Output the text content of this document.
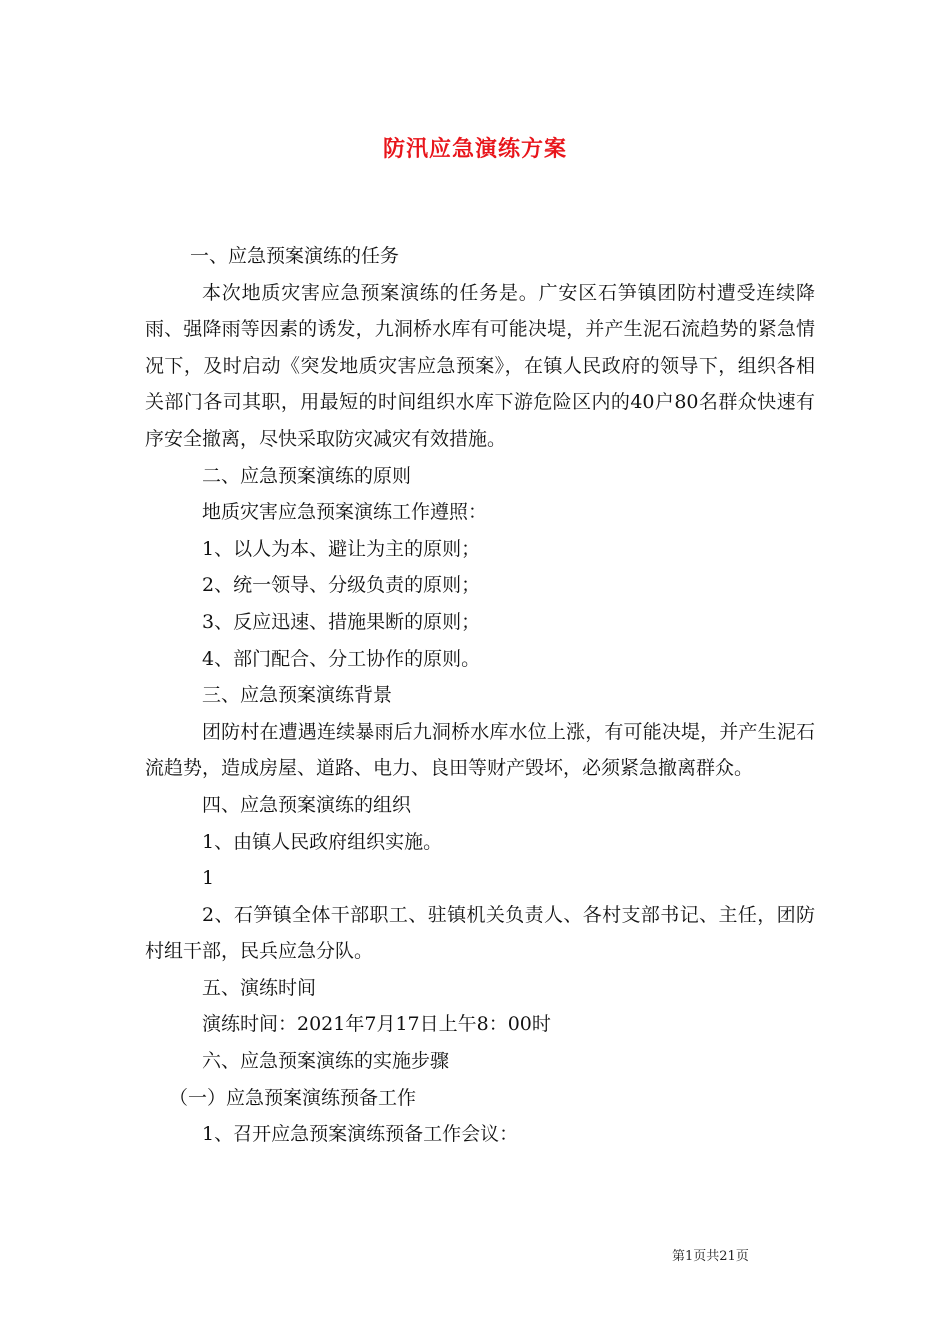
防汛应急演练方案

一、应急预案演练的任务

本次地质灾害应急预案演练的任务是。广安区石笋镇团防村遭受连续降雨、强降雨等因素的诱发，九洞桥水库有可能决堤，并产生泥石流趋势的紧急情况下，及时启动《突发地质灾害应急预案》，在镇人民政府的领导下，组织各相关部门各司其职，用最短的时间组织水库下游危险区内的40户80名群众快速有序安全撤离，尽快采取防灾减灾有效措施。

二、应急预案演练的原则

地质灾害应急预案演练工作遵照：

1、以人为本、避让为主的原则；

2、统一领导、分级负责的原则；

3、反应迅速、措施果断的原则；

4、部门配合、分工协作的原则。

三、应急预案演练背景

团防村在遭遇连续暴雨后九洞桥水库水位上涨，有可能决堤，并产生泥石流趋势，造成房屋、道路、电力、良田等财产毁坏，必须紧急撤离群众。

四、应急预案演练的组织

1、由镇人民政府组织实施。

1

2、石笋镇全体干部职工、驻镇机关负责人、各村支部书记、主任，团防村组干部，民兵应急分队。

五、演练时间

演练时间：2021年7月17日上午8：00时

六、应急预案演练的实施步骤

（一）应急预案演练预备工作

1、召开应急预案演练预备工作会议：

第1页共21页
